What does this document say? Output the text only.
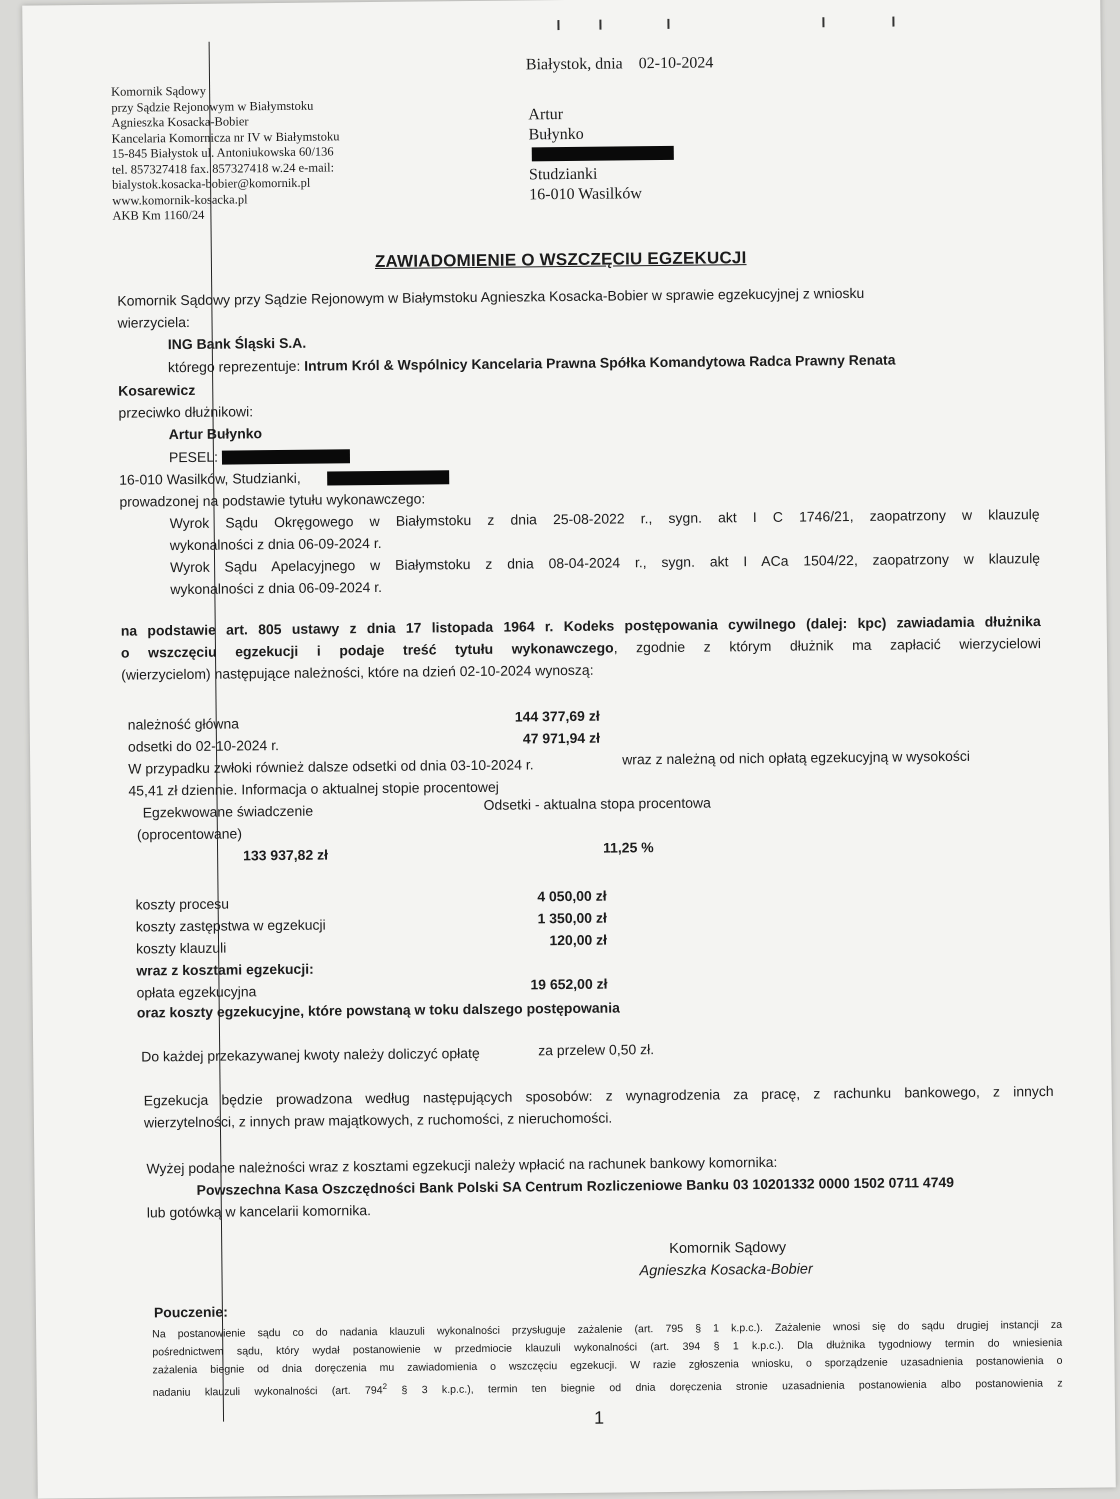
Komornik Sądowy
przy Sądzie Rejonowym w Białymstoku
Agnieszka Kosacka-Bobier
Kancelaria Komornicza nr IV w Białymstoku
15-845 Białystok ul. Antoniukowska 60/136
tel. 857327418 fax. 857327418 w.24 e-mail:
bialystok.kosacka-bobier@komornik.pl
www.komornik-kosacka.pl
AKB Km 1160/24
Białystok, dnia    02-10-2024
Artur
Bułynko
Studzianki
16-010 Wasilków
ZAWIADOMIENIE O WSZCZĘCIU EGZEKUCJI
Komornik Sądowy przy Sądzie Rejonowym w Białymstoku Agnieszka Kosacka-Bobier w sprawie egzekucyjnej z wniosku
wierzyciela:
ING Bank Śląski S.A.
którego reprezentuje: Intrum Król & Wspólnicy Kancelaria Prawna Spółka Komandytowa Radca Prawny Renata
Kosarewicz
przeciwko dłużnikowi:
Artur Bułynko
PESEL:
16-010 Wasilków, Studzianki,
prowadzonej na podstawie tytułu wykonawczego:
Wyrok Sądu Okręgowego w Białymstoku z dnia 25-08-2022 r., sygn. akt I C 1746/21, zaopatrzony w klauzulę
wykonalności z dnia 06-09-2024 r.
Wyrok Sądu Apelacyjnego w Białymstoku z dnia 08-04-2024 r., sygn. akt I ACa 1504/22, zaopatrzony w klauzulę
wykonalności z dnia 06-09-2024 r.
na podstawie art. 805 ustawy z dnia 17 listopada 1964 r. Kodeks postępowania cywilnego (dalej: kpc) zawiadamia dłużnika
o wszczęciu egzekucji i podaje treść tytułu wykonawczego, zgodnie z którym dłużnik ma zapłacić wierzycielowi
(wierzycielom) następujące należności, które na dzień 02-10-2024 wynoszą:
należność główna	144 377,69 zł
odsetki do 02-10-2024 r.	47 971,94 zł
W przypadku zwłoki również dalsze odsetki od dnia 03-10-2024 r.	wraz z należną od nich opłatą egzekucyjną w wysokości
45,41 zł dziennie. Informacja o aktualnej stopie procentowej
Egzekwowane świadczenie	Odsetki - aktualna stopa procentowa
(oprocentowane)
133 937,82 zł	11,25 %
koszty procesu	4 050,00 zł
koszty zastępstwa w egzekucji	1 350,00 zł
koszty klauzuli	120,00 zł
wraz z kosztami egzekucji:
opłata egzekucyjna	19 652,00 zł
oraz koszty egzekucyjne, które powstaną w toku dalszego postępowania
Do każdej przekazywanej kwoty należy doliczyć opłatę	za przelew 0,50 zł.
Egzekucja będzie prowadzona według następujących sposobów: z wynagrodzenia za pracę, z rachunku bankowego, z innych
wierzytelności, z innych praw majątkowych, z ruchomości, z nieruchomości.
Wyżej podane należności wraz z kosztami egzekucji należy wpłacić na rachunek bankowy komornika:
Powszechna Kasa Oszczędności Bank Polski SA Centrum Rozliczeniowe Banku 03 10201332 0000 1502 0711 4749
lub gotówką w kancelarii komornika.
Komornik Sądowy
Agnieszka Kosacka-Bobier
Pouczenie:
Na postanowienie sądu co do nadania klauzuli wykonalności przysługuje zażalenie (art. 795 § 1 k.p.c.). Zażalenie wnosi się do sądu drugiej instancji za
pośrednictwem sądu, który wydał postanowienie w przedmiocie klauzuli wykonalności (art. 394 § 1 k.p.c.). Dla dłużnika tygodniowy termin do wniesienia
zażalenia biegnie od dnia doręczenia mu zawiadomienia o wszczęciu egzekucji. W razie zgłoszenia wniosku, o sporządzenie uzasadnienia postanowienia o
nadaniu klauzuli wykonalności (art. $794^2$ § 3 k.p.c.), termin ten biegnie od dnia doręczenia stronie uzasadnienia postanowienia albo postanowienia z
1
